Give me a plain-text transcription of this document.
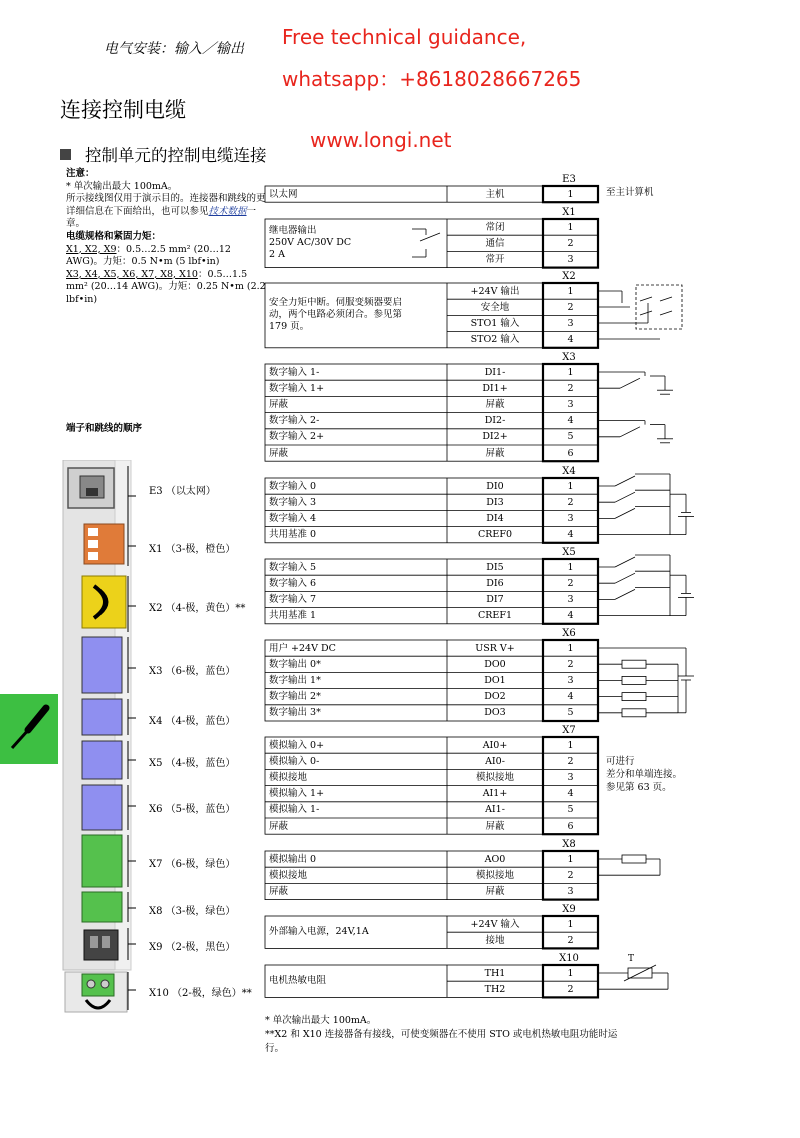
电气安装：输入／输出 Free technical guidance,
whatsapp：+8618028667265
www.longi.net
连接控制电缆
控制单元的控制电缆连接
注意：
* 单次输出最大 100mA。
所示接线图仅用于演示目的。连接器和跳线的更详细信息在下面给出，也可以参见技术数据一章。
电缆规格和紧固力矩：
X1, X2, X9：0.5…2.5 mm² (20…12 AWG)。力矩：0.5 N•m (5 lbf•in)
X3, X4, X5, X6, X7, X8, X10：0.5…1.5 mm² (20…14 AWG)。力矩：0.25 N•m (2.2 lbf•in)
端子和跳线的顺序
E3 （以太网）
X1 （3-极，橙色）
X2 （4-极，黄色）**
X3 （6-极，蓝色）
X4 （4-极，蓝色）
X5 （4-极，蓝色）
X6 （5-极，蓝色）
X7 （6-极，绿色）
X8 （3-极，绿色）
X9 （2-极，黑色）
X10 （2-极，绿色）**
E3
以太网	主机	1
X1
常闭	1
通信	2
常开	3
继电器输出
250V AC/30V DC
2 A
X2
+24V 输出	1
安全地	2
STO1 输入	3
STO2 输入	4
安全力矩中断。伺服变频器要启
动，两个电路必须闭合。参见第
179 页。
X3
数字输入 1-	DI1-	1
数字输入 1+	DI1+	2
屏蔽	屏蔽	3
数字输入 2-	DI2-	4
数字输入 2+	DI2+	5
屏蔽	屏蔽	6
X4
数字输入 0	DI0	1
数字输入 3	DI3	2
数字输入 4	DI4	3
共用基准 0	CREF0	4
X5
数字输入 5	DI5	1
数字输入 6	DI6	2
数字输入 7	DI7	3
共用基准 1	CREF1	4
X6
用户 +24V DC	USR V+	1
数字输出 0*	DO0	2
数字输出 1*	DO1	3
数字输出 2*	DO2	4
数字输出 3*	DO3	5
X7
模拟输入 0+	AI0+	1
模拟输入 0-	AI0-	2
模拟接地	模拟接地	3
模拟输入 1+	AI1+	4
模拟输入 1-	AI1-	5
屏蔽	屏蔽	6
X8
模拟输出 0	AO0	1
模拟接地	模拟接地	2
屏蔽	屏蔽	3
X9
+24V 输入	1
接地	2
外部输入电源，24V,1A
X10
TH1	1
TH2	2
电机热敏电阻
T
至主计算机
可进行
差分和单端连接。
参见第 63 页。
* 单次输出最大 100mA。
**X2 和 X10 连接器备有接线，可使变频器在不使用 STO 或电机热敏电阻功能时运行。
